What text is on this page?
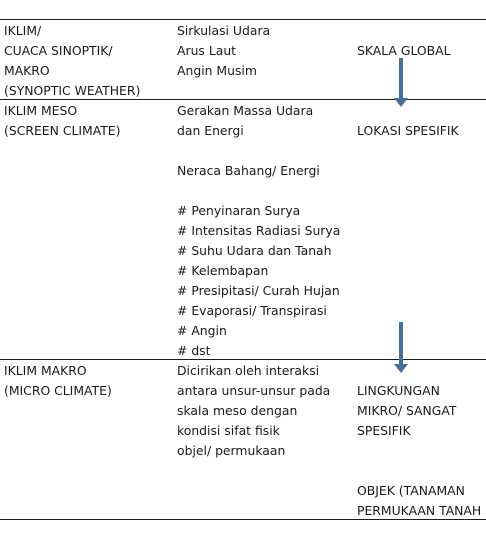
IKLIM/
CUACA SINOPTIK/
MAKRO
(SYNOPTIC WEATHER)
Sirkulasi Udara
Arus Laut
Angin Musim
SKALA GLOBAL
IKLIM MESO
(SCREEN CLIMATE)
Gerakan Massa Udara
dan Energi
Neraca Bahang/ Energi
# Penyinaran Surya
# Intensitas Radiasi Surya
# Suhu Udara dan Tanah
# Kelembapan
# Presipitasi/ Curah Hujan
# Evaporasi/ Transpirasi
# Angin
# dst
LOKASI SPESIFIK
IKLIM MAKRO
(MICRO CLIMATE)
Dicirikan oleh interaksi
antara unsur-unsur pada
skala meso dengan
kondisi sifat fisik
objel/ permukaan
LINGKUNGAN
MIKRO/ SANGAT
SPESIFIK
OBJEK (TANAMAN
PERMUKAAN TANAH
